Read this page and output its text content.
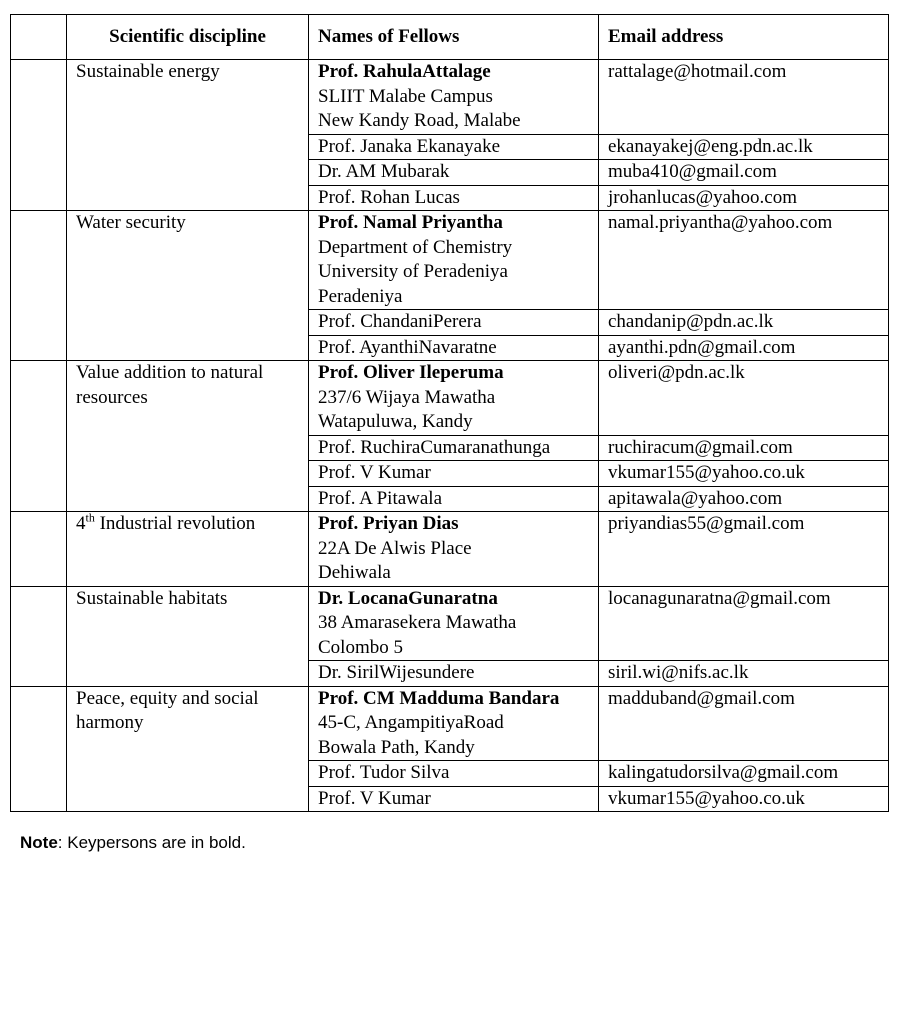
	Scientific discipline	Names of Fellows	Email address
	Sustainable energy	Prof. RahulaAttalage
SLIIT Malabe Campus
New Kandy Road, Malabe	rattalage@hotmail.com
		Prof. Janaka Ekanayake	ekanayakej@eng.pdn.ac.lk
		Dr. AM Mubarak	muba410@gmail.com
		Prof. Rohan Lucas	jrohanlucas@yahoo.com
	Water security	Prof. Namal Priyantha
Department of Chemistry
University of Peradeniya
Peradeniya	namal.priyantha@yahoo.com
		Prof. ChandaniPerera	chandanip@pdn.ac.lk
		Prof. AyanthiNavaratne	ayanthi.pdn@gmail.com
	Value addition to natural resources	Prof. Oliver Ileperuma
237/6 Wijaya Mawatha
Watapuluwa, Kandy	oliveri@pdn.ac.lk
		Prof. RuchiraCumaranathunga	ruchiracum@gmail.com
		Prof. V Kumar	vkumar155@yahoo.co.uk
		Prof. A Pitawala	apitawala@yahoo.com
	4th Industrial revolution	Prof. Priyan Dias
22A De Alwis Place
Dehiwala	priyandias55@gmail.com
	Sustainable habitats	Dr. LocanaGunaratna
38 Amarasekera Mawatha
Colombo 5	locanagunaratna@gmail.com
		Dr. SirilWijesundere	siril.wi@nifs.ac.lk
	Peace, equity and social harmony	Prof. CM Madduma Bandara
45-C, AngampitiyaRoad
Bowala Path, Kandy	madduband@gmail.com
		Prof. Tudor Silva	kalingatudorsilva@gmail.com
		Prof. V Kumar	vkumar155@yahoo.co.uk
Note: Keypersons are in bold.
